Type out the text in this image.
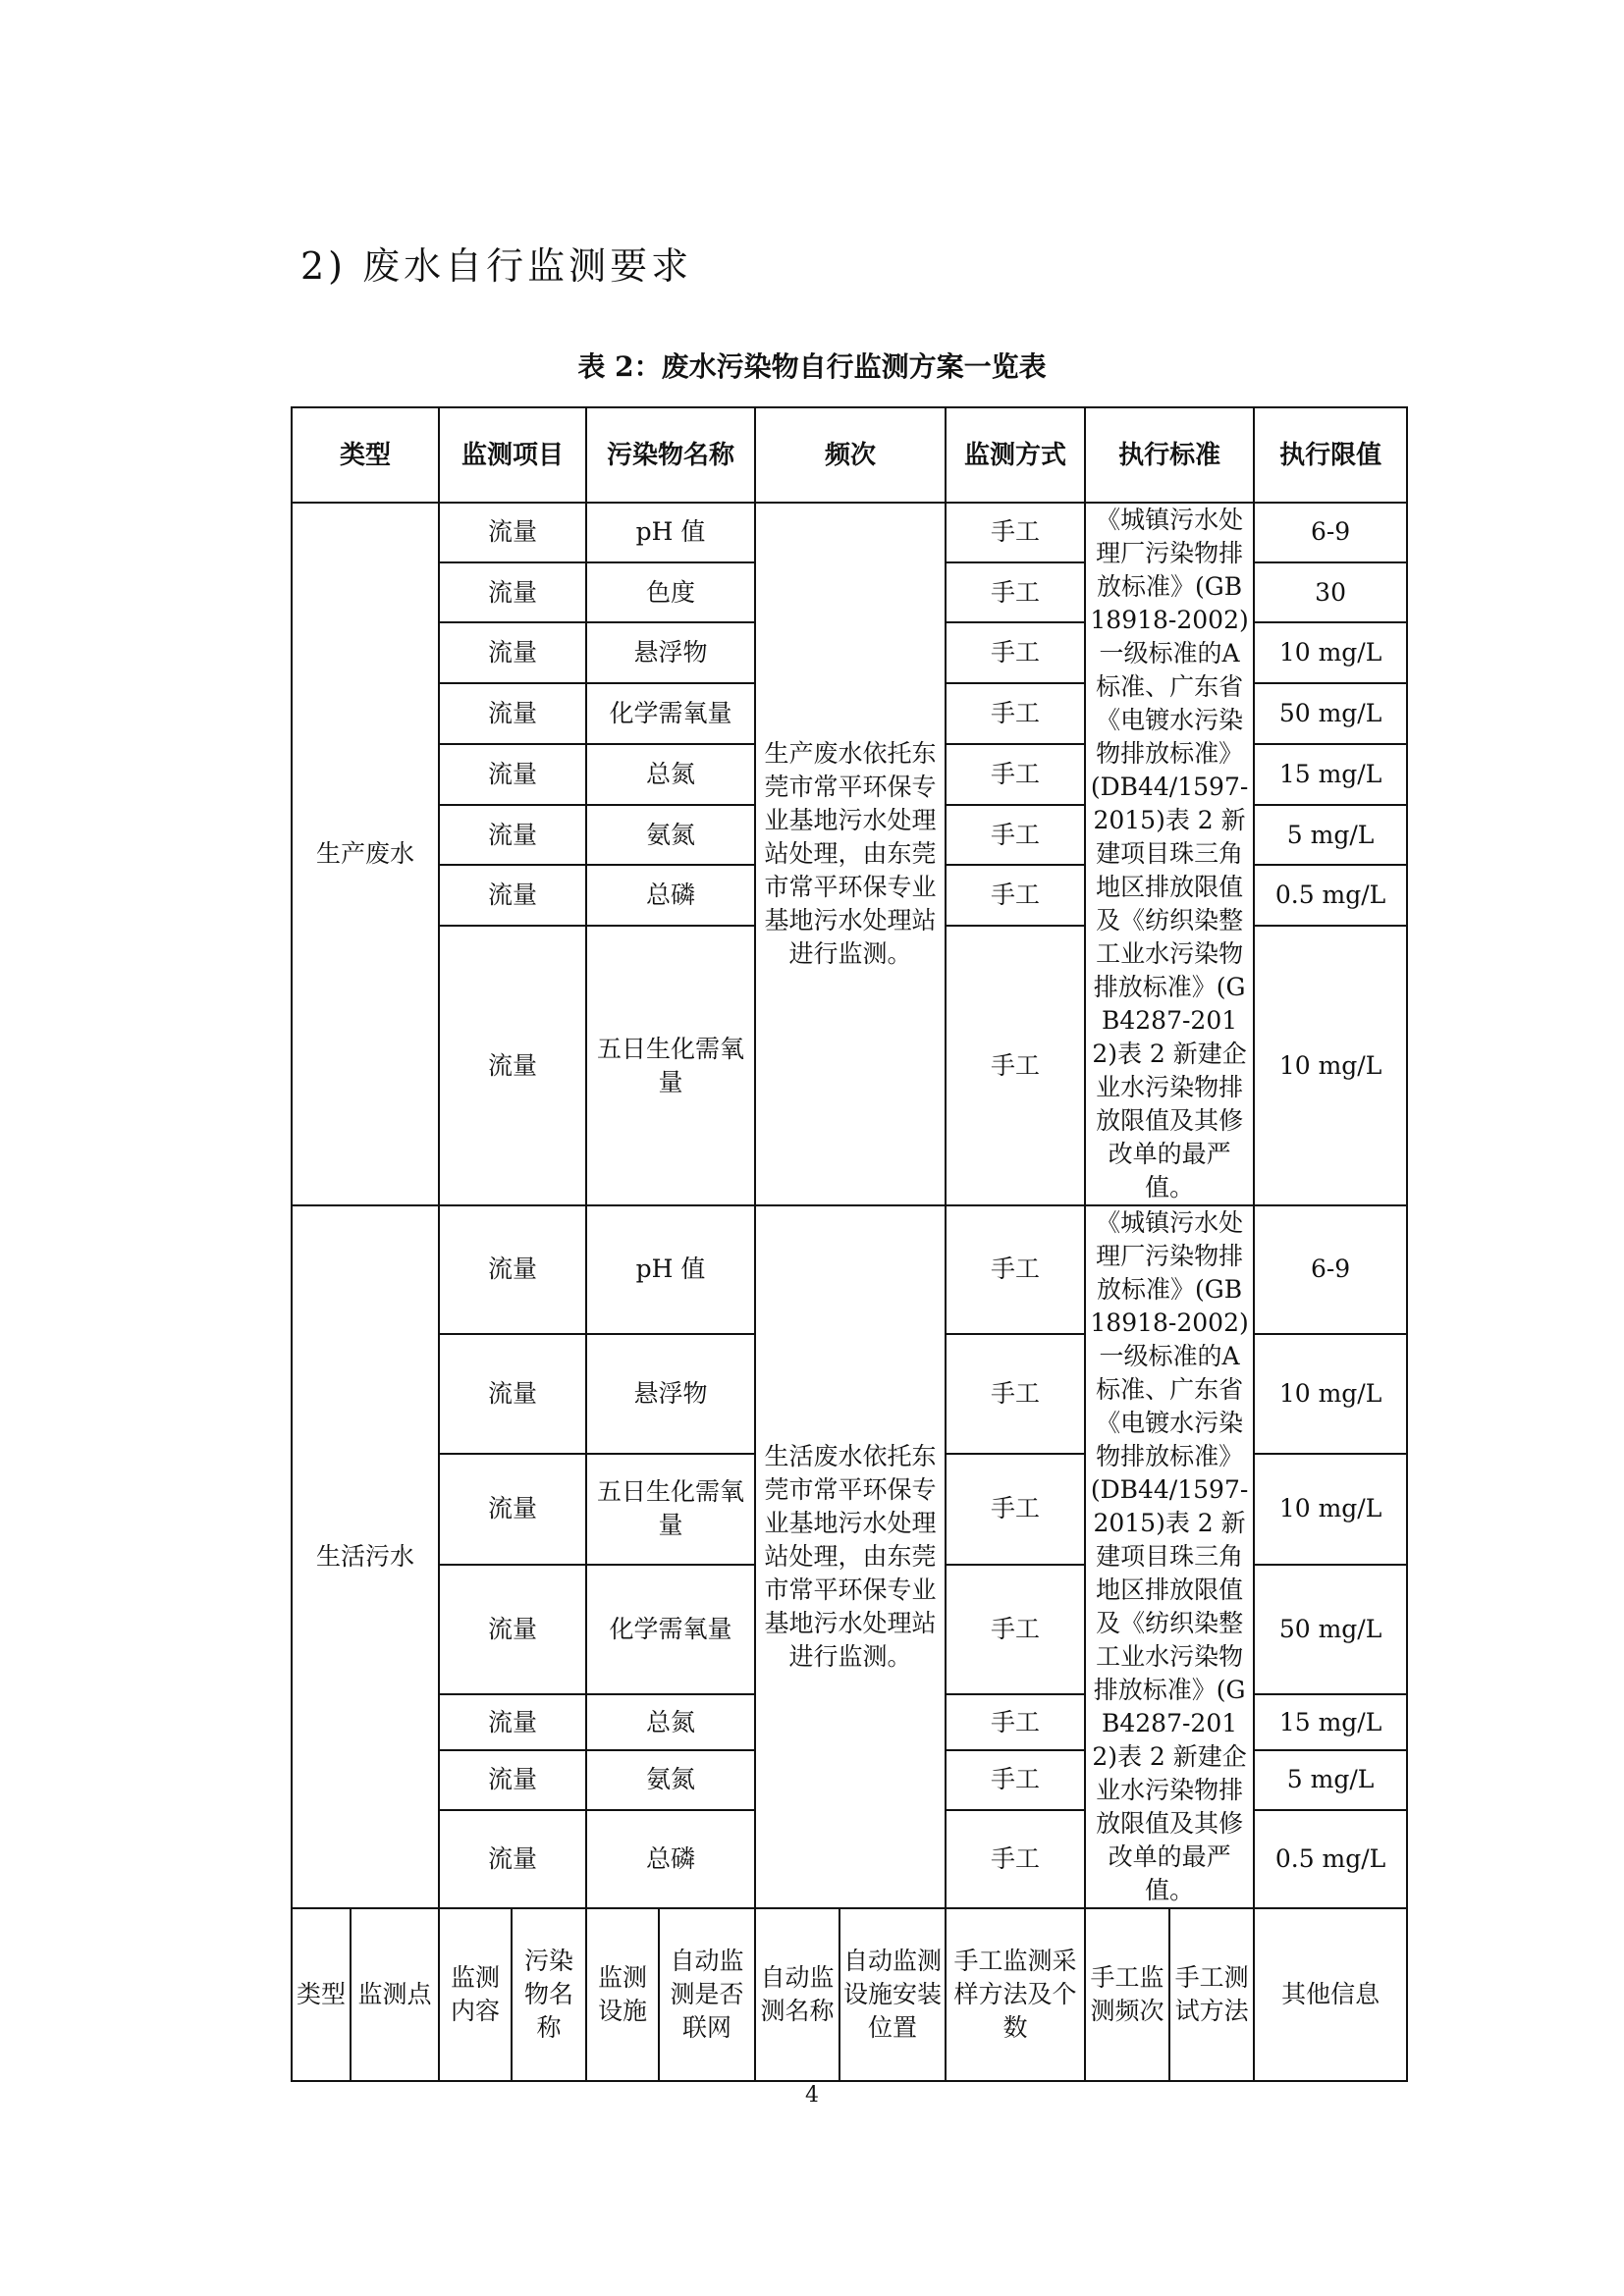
2) 废水自行监测要求
表 2：废水污染物自行监测方案一览表
类型		监测项目		污染物名称		频次		监测方式	执行标准		执行限值
生产废水		流量		pH 值		生产废水依托东莞市常平环保专业基地污水处理站处理，由东莞市常平环保专业基地污水处理站进行监测。		手工	《城镇污水处理厂污染物排放标准》(GB18918-2002)一级标准的A标准、广东省《电镀水污染物排放标准》(DB44/1597-2015)表 2 新建项目珠三角地区排放限值及《纺织染整工业水污染物排放标准》(GB4287-2012)表 2 新建企业水污染物排放限值及其修改单的最严值。		6-9
		流量		色度				手工			30
		流量		悬浮物				手工			10 mg/L
		流量		化学需氧量				手工			50 mg/L
		流量		总氮				手工			15 mg/L
		流量		氨氮				手工			5 mg/L
		流量		总磷				手工			0.5 mg/L
		流量		五日生化需氧量				手工			10 mg/L
生活污水		流量		pH 值		生活废水依托东莞市常平环保专业基地污水处理站处理，由东莞市常平环保专业基地污水处理站进行监测。		手工	《城镇污水处理厂污染物排放标准》(GB18918-2002)一级标准的A标准、广东省《电镀水污染物排放标准》(DB44/1597-2015)表 2 新建项目珠三角地区排放限值及《纺织染整工业水污染物排放标准》(GB4287-2012)表 2 新建企业水污染物排放限值及其修改单的最严值。		6-9
		流量		悬浮物				手工			10 mg/L
		流量		五日生化需氧量				手工			10 mg/L
		流量		化学需氧量				手工			50 mg/L
		流量		总氮				手工			15 mg/L
		流量		氨氮				手工			5 mg/L
		流量		总磷				手工			0.5 mg/L
类型	监测点	监测内容	污染物名称	监测设施	自动监测是否联网	自动监测名称	自动监测设施安装位置	手工监测采样方法及个数	手工监测频次	手工测试方法	其他信息
4
